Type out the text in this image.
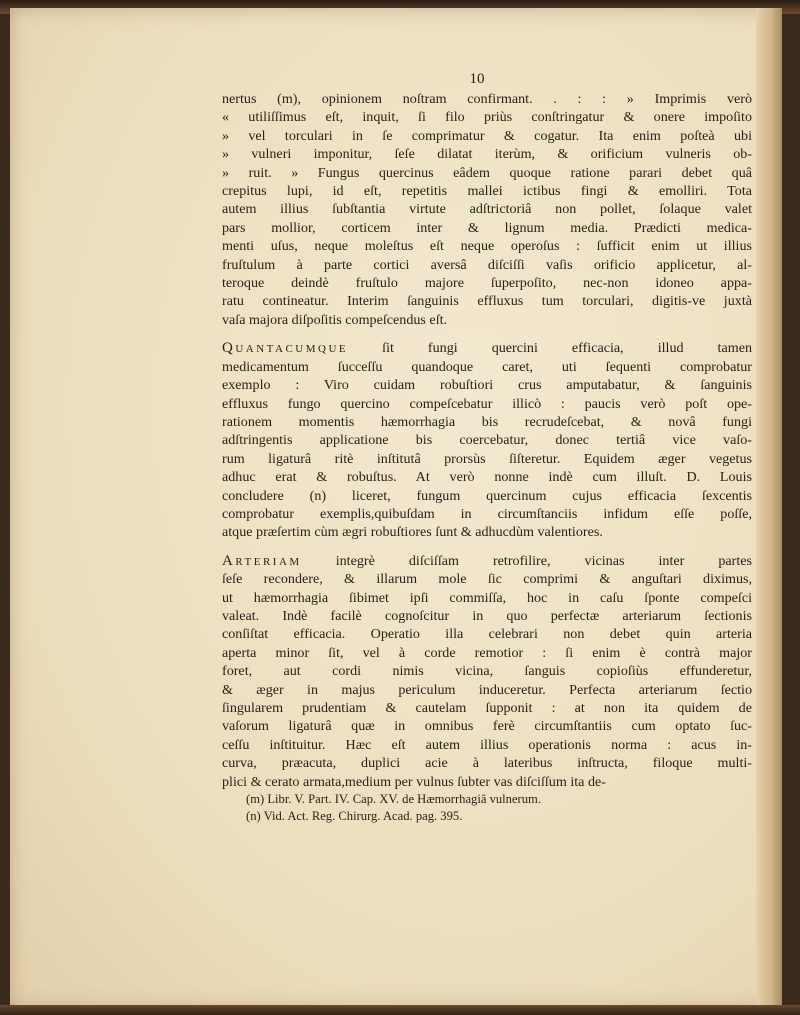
10
nertus (m), opinionem noſtram confirmant. . : : » Imprimis verò
« utiliſſimus eſt, inquit, ſi filo priùs conſtringatur & onere impoſito
» vel torculari in ſe comprimatur & cogatur. Ita enim poſteà ubi
» vulneri imponitur, ſeſe dilatat iterùm, & orificium vulneris ob-
» ruit. » Fungus quercinus eâdem quoque ratione parari debet quâ
crepitus lupi, id eſt, repetitis mallei ictibus fingi & emolliri. Tota
autem illius ſubſtantia virtute adſtrictoriâ non pollet, ſolaque valet
pars mollior, corticem inter & lignum media. Prædicti medica-
menti uſus, neque moleſtus eſt neque operoſus : ſufficit enim ut illius
fruſtulum à parte cortici aversâ diſciſſi vaſis orificio applicetur, al-
teroque deindè fruſtulo majore ſuperpoſito, nec-non idoneo appa-
ratu contineatur. Interim ſanguinis effluxus tum torculari, digitis-ve juxtà
vaſa majora diſpoſitis compeſcendus eſt.
Quantacumque ſit fungi quercini efficacia, illud tamen
medicamentum ſucceſſu quandoque caret, uti ſequenti comprobatur
exemplo : Viro cuidam robuſtiori crus amputabatur, & ſanguinis
effluxus fungo quercino compeſcebatur illicò : paucis verò poſt ope-
rationem momentis hæmorrhagia bis recrudeſcebat, & novâ fungi
adſtringentis applicatione bis coercebatur, donec tertiâ vice vaſo-
rum ligaturâ ritè inſtitutâ prorsùs ſiſteretur. Equidem æger vegetus
adhuc erat & robuſtus. At verò nonne indè cum illuſt. D. Louis
concludere (n) liceret, fungum quercinum cujus efficacia ſexcentis
comprobatur exemplis,quibuſdam in circumſtanciis infidum eſſe poſſe,
atque præſertim cùm ægri robuſtiores ſunt & adhucdùm valentiores.
Arteriam integrè diſciſſam retrofilire, vicinas inter partes
ſeſe recondere, & illarum mole ſic comprimi & anguſtari diximus,
ut hæmorrhagia ſibimet ipſi commiſſa, hoc in caſu ſponte compeſci
valeat. Indè facilè cognoſcitur in quo perfectæ arteriarum ſectionis
conſiſtat efficacia. Operatio illa celebrari non debet quin arteria
aperta minor ſit, vel à corde remotior : ſi enim è contrà major
foret, aut cordi nimis vicina, ſanguis copioſiùs effunderetur,
& æger in majus periculum induceretur. Perfecta arteriarum ſectio
ſingularem prudentiam & cautelam ſupponit : at non ita quidem de
vaſorum ligaturâ quæ in omnibus ferè circumſtantiis cum optato ſuc-
ceſſu inſtituitur. Hæc eſt autem illius operationis norma : acus in-
curva, præacuta, duplici acie à lateribus inſtructa, filoque multi-
plici & cerato armata,medium per vulnus ſubter vas diſciſſum ita de-
(m) Libr. V. Part. IV. Cap. XV. de Hæmorrhagiâ vulnerum.
(n) Vid. Act. Reg. Chirurg. Acad. pag. 395.
